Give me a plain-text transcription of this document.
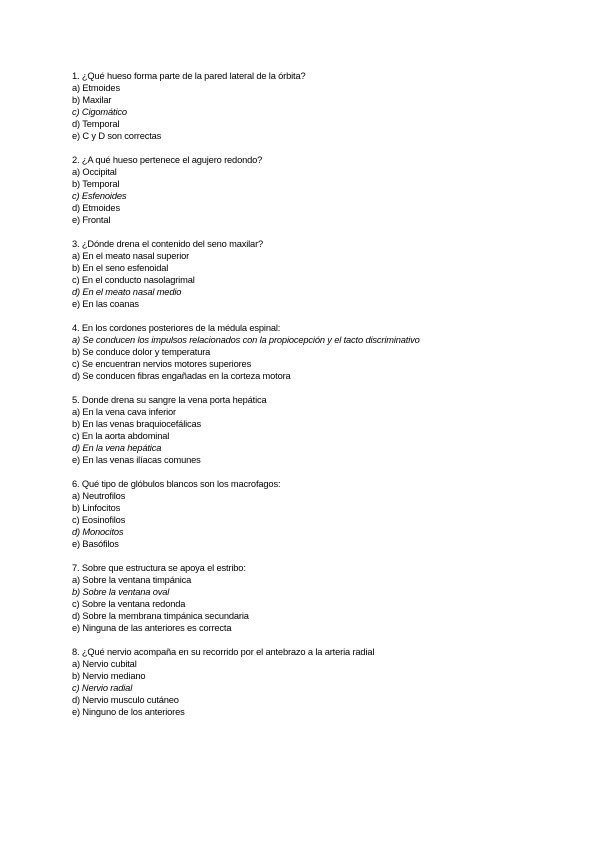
1. ¿Qué hueso forma parte de la pared lateral de la órbita?
a) Etmoides
b) Maxilar
c) Cigomático
d) Temporal
e) C y D son correctas
2. ¿A qué hueso pertenece el agujero redondo?
a) Occipital
b) Temporal
c) Esfenoides
d) Etmoides
e) Frontal
3. ¿Dónde drena el contenido del seno maxilar?
a) En el meato nasal superior
b) En el seno esfenoidal
c) En el conducto nasolagrimal
d) En el meato nasal medio
e) En las coanas
4. En los cordones posteriores de la médula espinal:
a) Se conducen los impulsos relacionados con la propiocepción y el tacto discriminativo
b) Se conduce dolor y temperatura
c) Se encuentran nervios motores superiores
d) Se conducen fibras engañadas en la corteza motora
5. Donde drena su sangre la vena porta hepática
a) En la vena cava inferior
b) En las venas braquiocefálicas
c) En la aorta abdominal
d) En la vena hepática
e) En las venas ilíacas comunes
6. Qué tipo de glóbulos blancos son los macrofagos:
a) Neutrofilos
b) Linfocitos
c) Eosinofilos
d) Monocitos
e) Basófilos
7. Sobre que estructura se apoya el estribo:
a) Sobre la ventana timpánica
b) Sobre la ventana oval
c) Sobre la ventana redonda
d) Sobre la membrana timpánica secundaria
e) Ninguna de las anteriores es correcta
8. ¿Qué nervio acompaña en su recorrido por el antebrazo a la arteria radial
a) Nervio cubital
b) Nervio mediano
c) Nervio radial
d) Nervio musculo cutáneo
e) Ninguno de los anteriores
